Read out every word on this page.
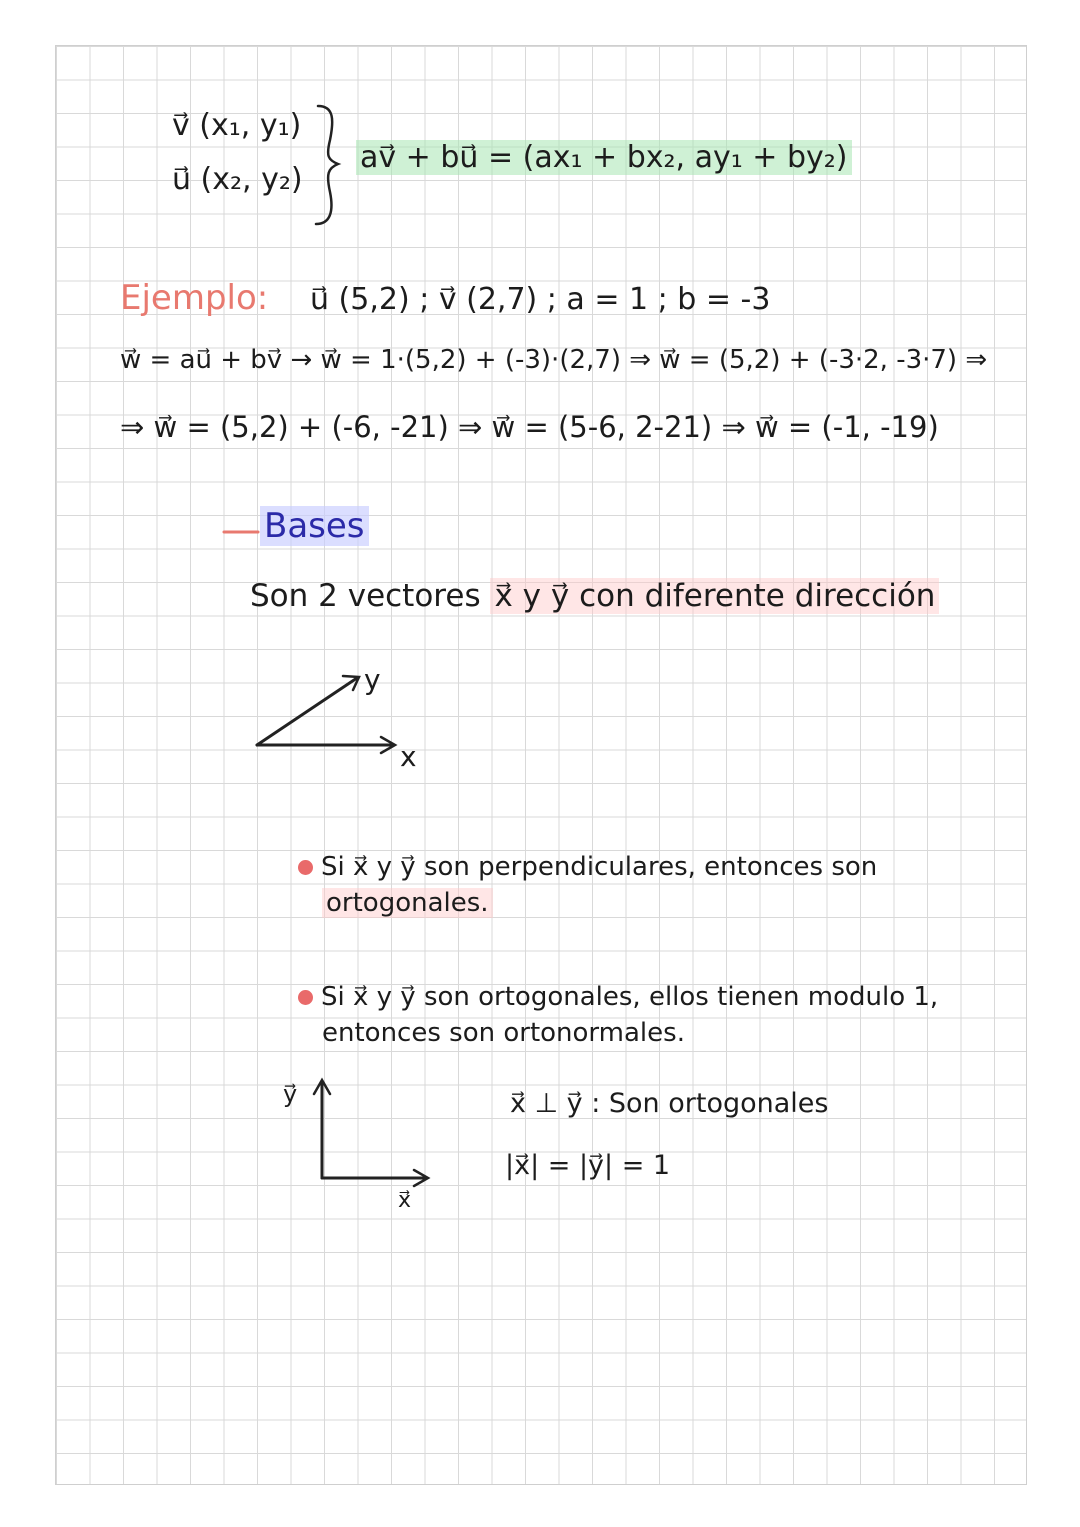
v⃗ (x₁, y₁)
u⃗ (x₂, y₂)
av⃗ + bu⃗ = (ax₁ + bx₂, ay₁ + by₂)
Ejemplo: u⃗ (5,2) ; v⃗ (2,7) ; a = 1 ; b = -3
w⃗ = au⃗ + bv⃗ → w⃗ = 1·(5,2) + (-3)·(2,7) ⇒ w⃗ = (5,2) + (-3·2, -3·7) ⇒
⇒ w⃗ = (5,2) + (-6, -21) ⇒ w⃗ = (5-6, 2-21) ⇒ w⃗ = (-1, -19)
Bases
Son 2 vectores x⃗ y y⃗ con diferente dirección
y
x
Si x⃗ y y⃗ son perpendiculares, entonces son
ortogonales.
Si x⃗ y y⃗ son ortogonales, ellos tienen modulo 1,
entonces son ortonormales.
y⃗
x⃗
x⃗ ⊥ y⃗ : Son ortogonales
|x⃗| = |y⃗| = 1
